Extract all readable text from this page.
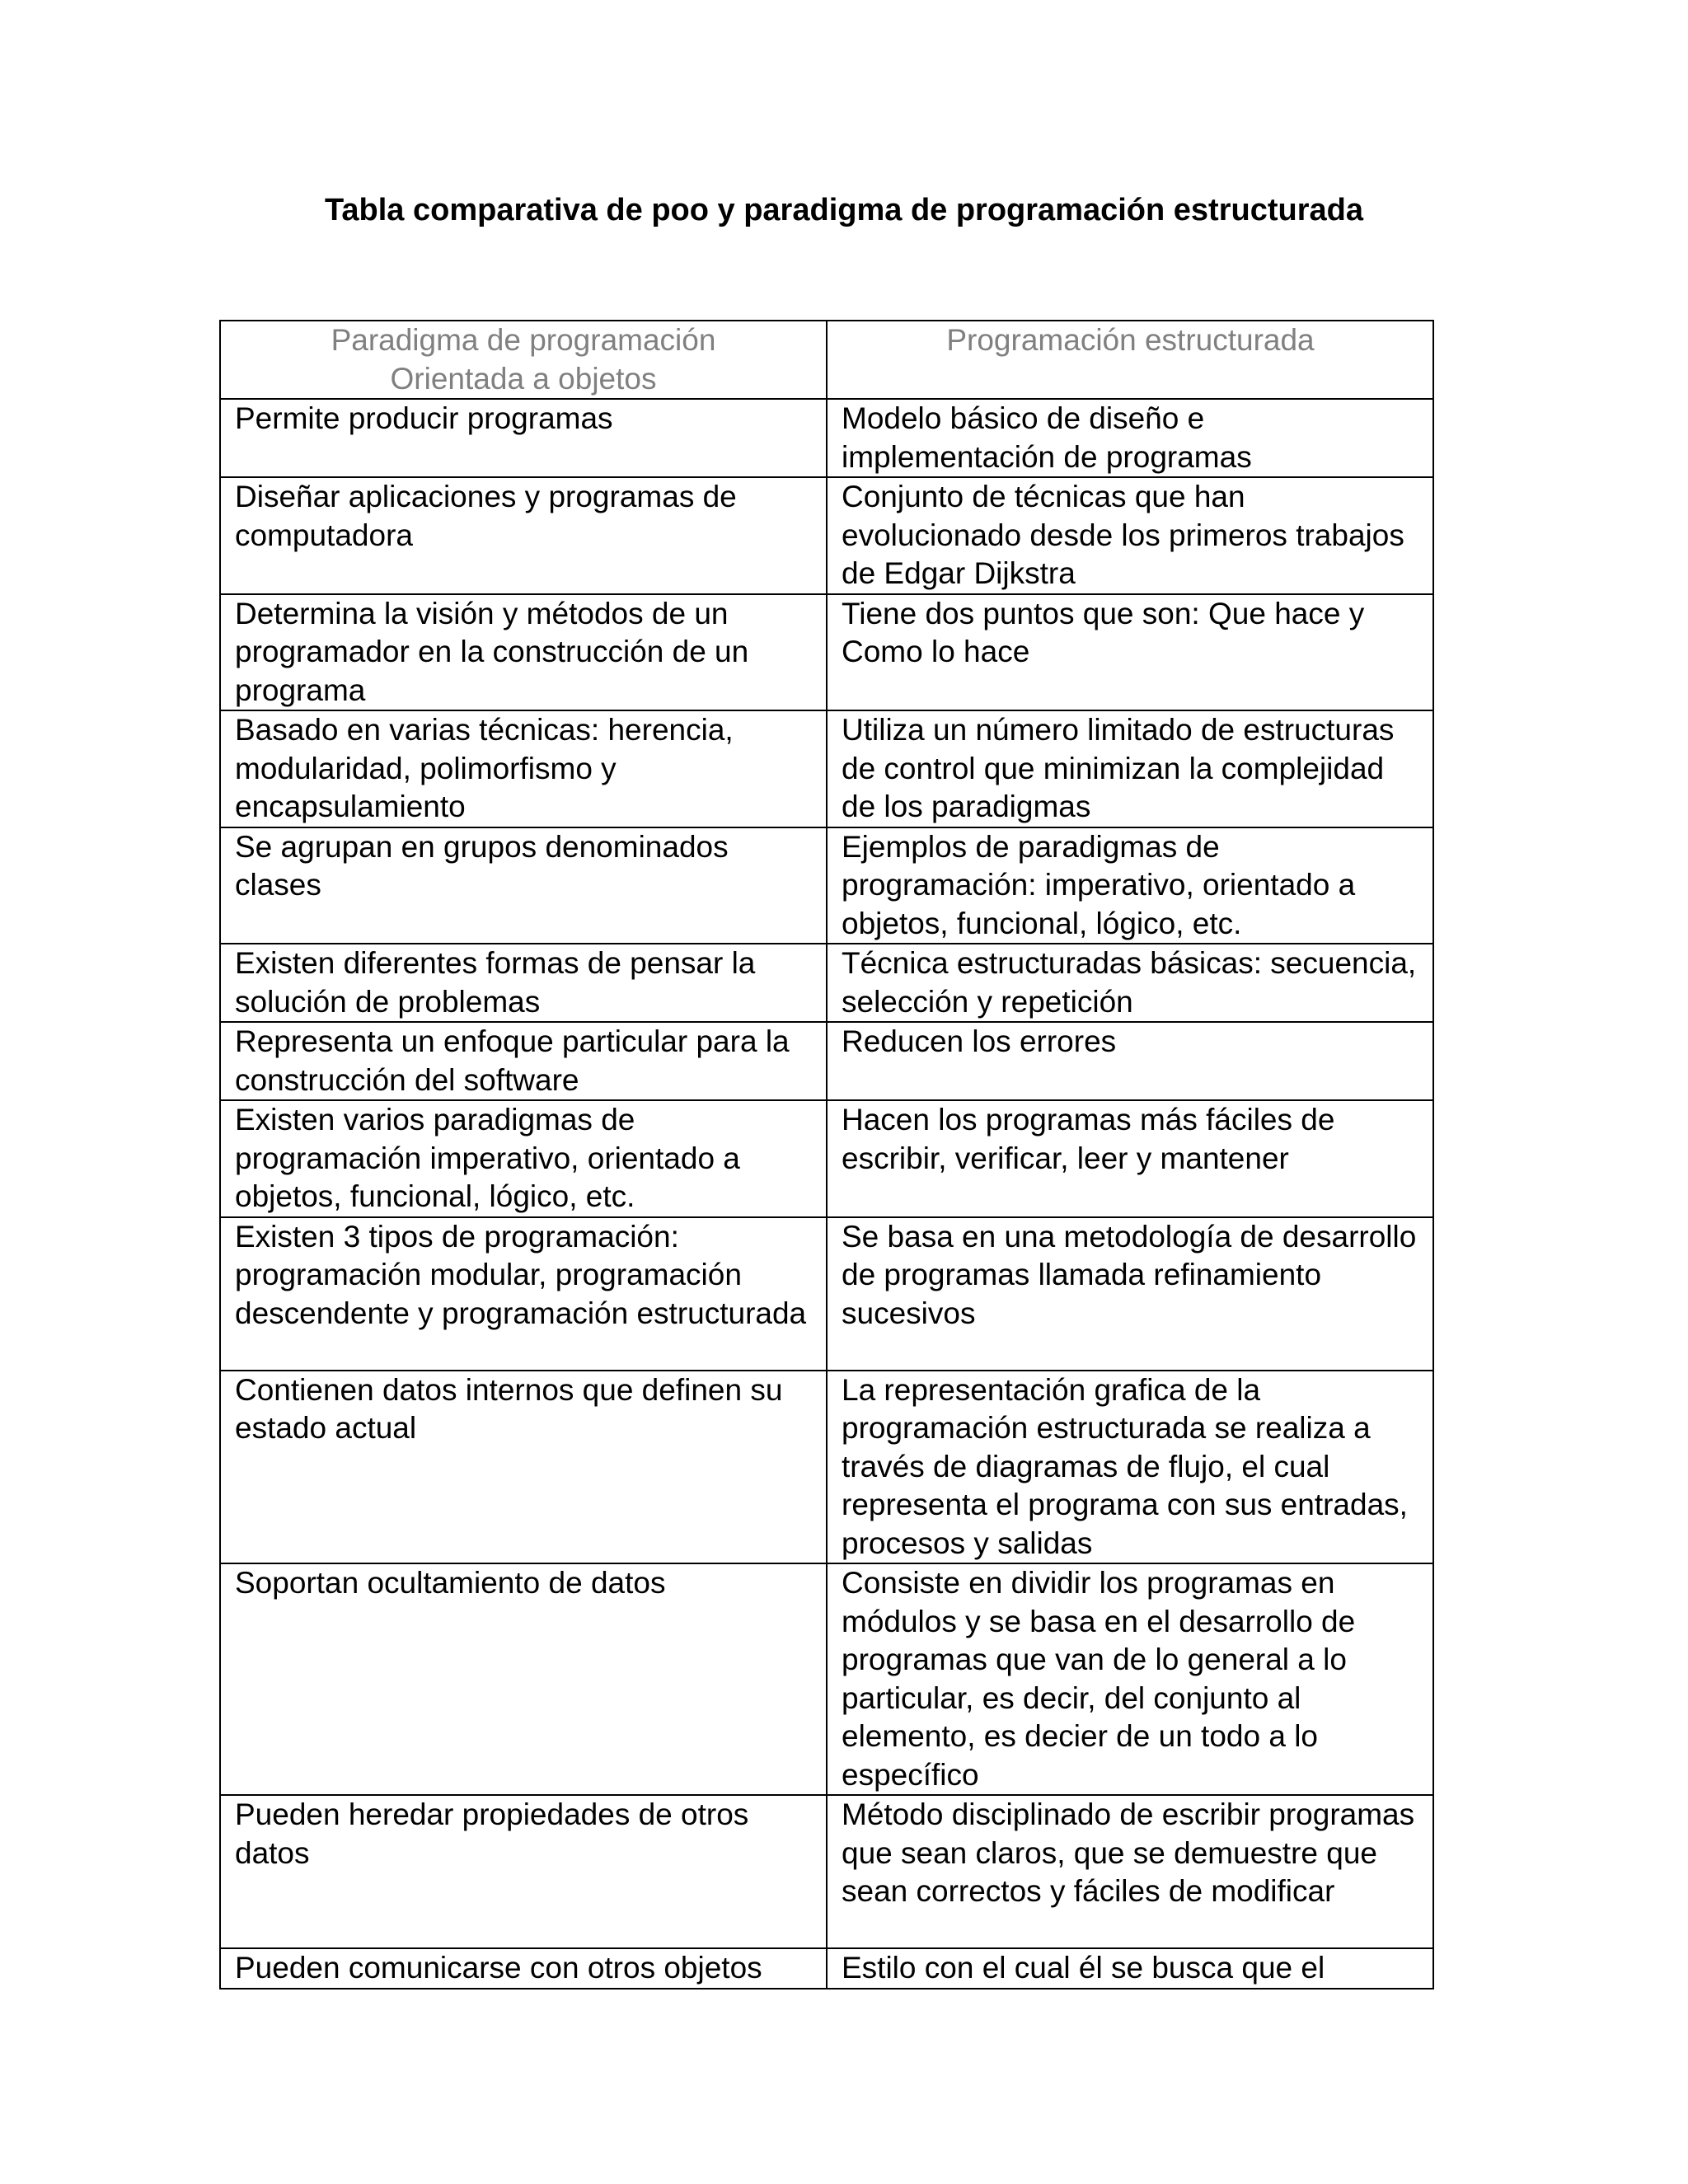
Tabla comparativa de poo y paradigma de programación estructurada
Paradigma de programación Orientada a objetos	Programación estructurada
Permite producir programas	Modelo básico de diseño e implementación de programas
Diseñar aplicaciones y programas de computadora	Conjunto de técnicas que han evolucionado desde los primeros trabajos de Edgar Dijkstra
Determina la visión y métodos de un programador en la construcción de un programa	Tiene dos puntos que son: Que hace y Como lo hace
Basado en varias técnicas: herencia, modularidad, polimorfismo y encapsulamiento	Utiliza un número limitado de estructuras de control que minimizan la complejidad de los paradigmas
Se agrupan en grupos denominados clases	Ejemplos de paradigmas de programación: imperativo, orientado a objetos, funcional, lógico, etc.
Existen diferentes formas de pensar la solución de problemas	Técnica estructuradas básicas: secuencia, selección y repetición
Representa un enfoque particular para la construcción del software	Reducen los errores
Existen varios paradigmas de programación imperativo, orientado a objetos, funcional, lógico, etc.	Hacen los programas más fáciles de escribir, verificar, leer y mantener
Existen 3 tipos de programación: programación modular, programación descendente y programación estructurada	Se basa en una metodología de desarrollo de programas llamada refinamiento sucesivos
Contienen datos internos que definen su estado actual	La representación grafica de la programación estructurada se realiza a través de diagramas de flujo, el cual representa el programa con sus entradas, procesos y salidas
Soportan ocultamiento de datos	Consiste en dividir los programas en módulos y se basa en el desarrollo de programas que van de lo general a lo particular, es decir, del conjunto al elemento, es decier de un todo a lo específico
Pueden heredar propiedades de otros datos	Método disciplinado de escribir programas que sean claros, que se demuestre que sean correctos y fáciles de modificar
Pueden comunicarse con otros objetos	Estilo con el cual él se busca que el
